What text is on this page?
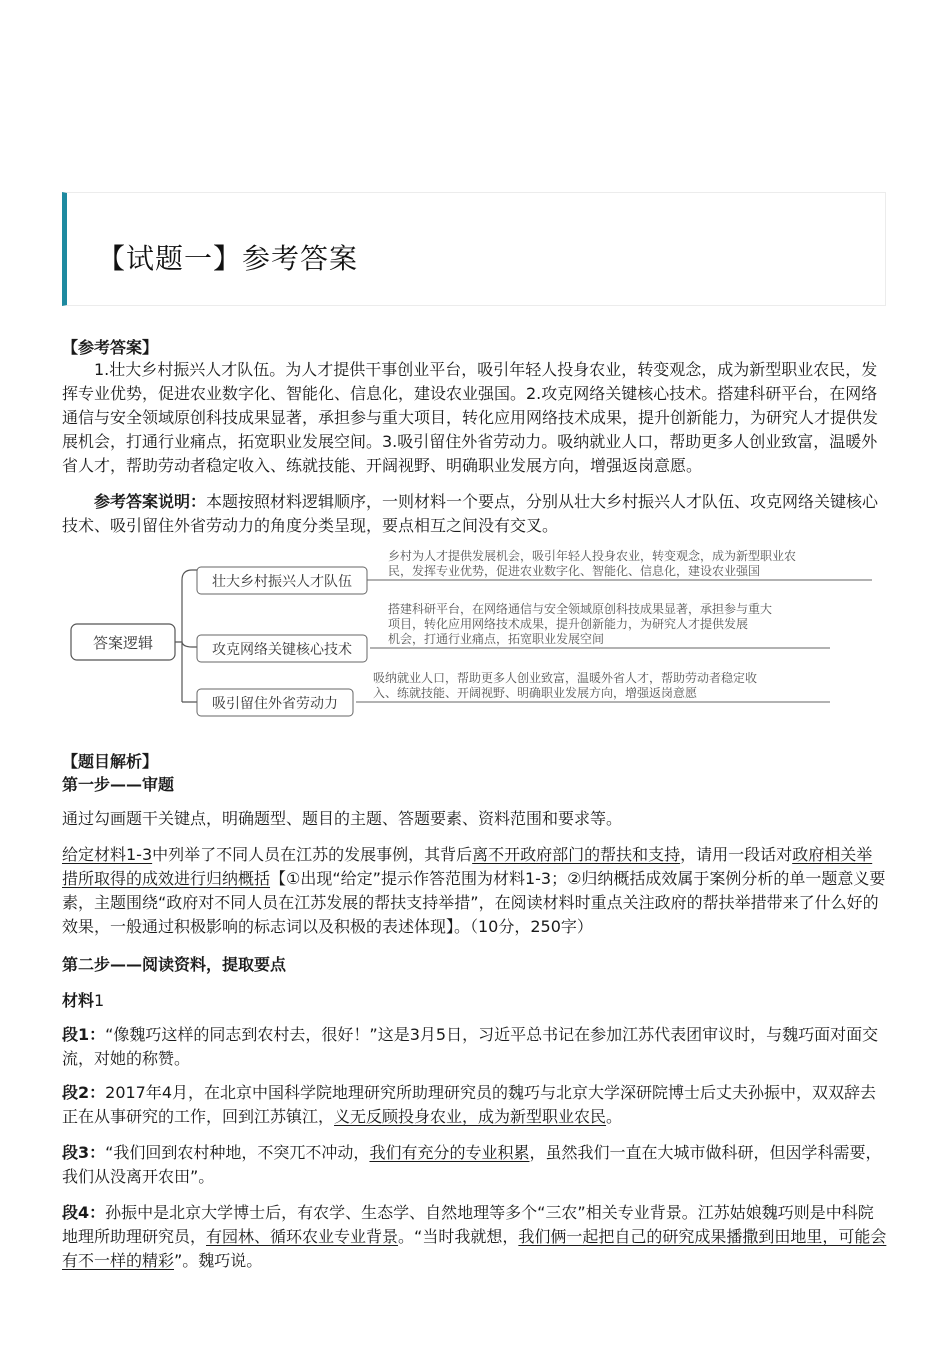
【试题一】参考答案
【参考答案】

1.壮大乡村振兴人才队伍。为人才提供干事创业平台，吸引年轻人投身农业，转变观念，成为新型职业农民，发挥专业优势，促进农业数字化、智能化、信息化，建设农业强国。2.攻克网络关键核心技术。搭建科研平台，在网络通信与安全领域原创科技成果显著，承担参与重大项目，转化应用网络技术成果，提升创新能力，为研究人才提供发展机会，打通行业痛点，拓宽职业发展空间。3.吸引留住外省劳动力。吸纳就业人口，帮助更多人创业致富，温暖外省人才，帮助劳动者稳定收入、练就技能、开阔视野、明确职业发展方向，增强返岗意愿。

参考答案说明：本题按照材料逻辑顺序，一则材料一个要点，分别从壮大乡村振兴人才队伍、攻克网络关键核心技术、吸引留住外省劳动力的角度分类呈现，要点相互之间没有交叉。

答案逻辑
壮大乡村振兴人才队伍
乡村为人才提供发展机会，吸引年轻人投身农业，转变观念，成为新型职业农
民，发挥专业优势，促进农业数字化、智能化、信息化，建设农业强国
攻克网络关键核心技术
搭建科研平台，在网络通信与安全领域原创科技成果显著，承担参与重大
项目，转化应用网络技术成果，提升创新能力，为研究人才提供发展
机会，打通行业痛点，拓宽职业发展空间
吸引留住外省劳动力
吸纳就业人口，帮助更多人创业致富，温暖外省人才，帮助劳动者稳定收
入、练就技能、开阔视野、明确职业发展方向，增强返岗意愿
【题目解析】
第一步——审题

通过勾画题干关键点，明确题型、题目的主题、答题要素、资料范围和要求等。

给定材料1-3中列举了不同人员在江苏的发展事例，其背后离不开政府部门的帮扶和支持，请用一段话对政府相关举措所取得的成效进行归纳概括【①出现“给定”提示作答范围为材料1-3；②归纳概括成效属于案例分析的单一题意义要素，主题围绕“政府对不同人员在江苏发展的帮扶支持举措”，在阅读材料时重点关注政府的帮扶举措带来了什么好的效果，一般通过积极影响的标志词以及积极的表述体现】。（10分，250字）

第二步——阅读资料，提取要点
材料1

段1：“像魏巧这样的同志到农村去，很好！”这是3月5日，习近平总书记在参加江苏代表团审议时，与魏巧面对面交流，对她的称赞。

段2：2017年4月，在北京中国科学院地理研究所助理研究员的魏巧与北京大学深研院博士后丈夫孙振中，双双辞去正在从事研究的工作，回到江苏镇江，义无反顾投身农业，成为新型职业农民。

段3：“我们回到农村种地，不突兀不冲动，我们有充分的专业积累，虽然我们一直在大城市做科研，但因学科需要，我们从没离开农田”。

段4：孙振中是北京大学博士后，有农学、生态学、自然地理等多个“三农”相关专业背景。江苏姑娘魏巧则是中科院地理所助理研究员，有园林、循环农业专业背景。“当时我就想，我们俩一起把自己的研究成果播撒到田地里，可能会有不一样的精彩”。魏巧说。
